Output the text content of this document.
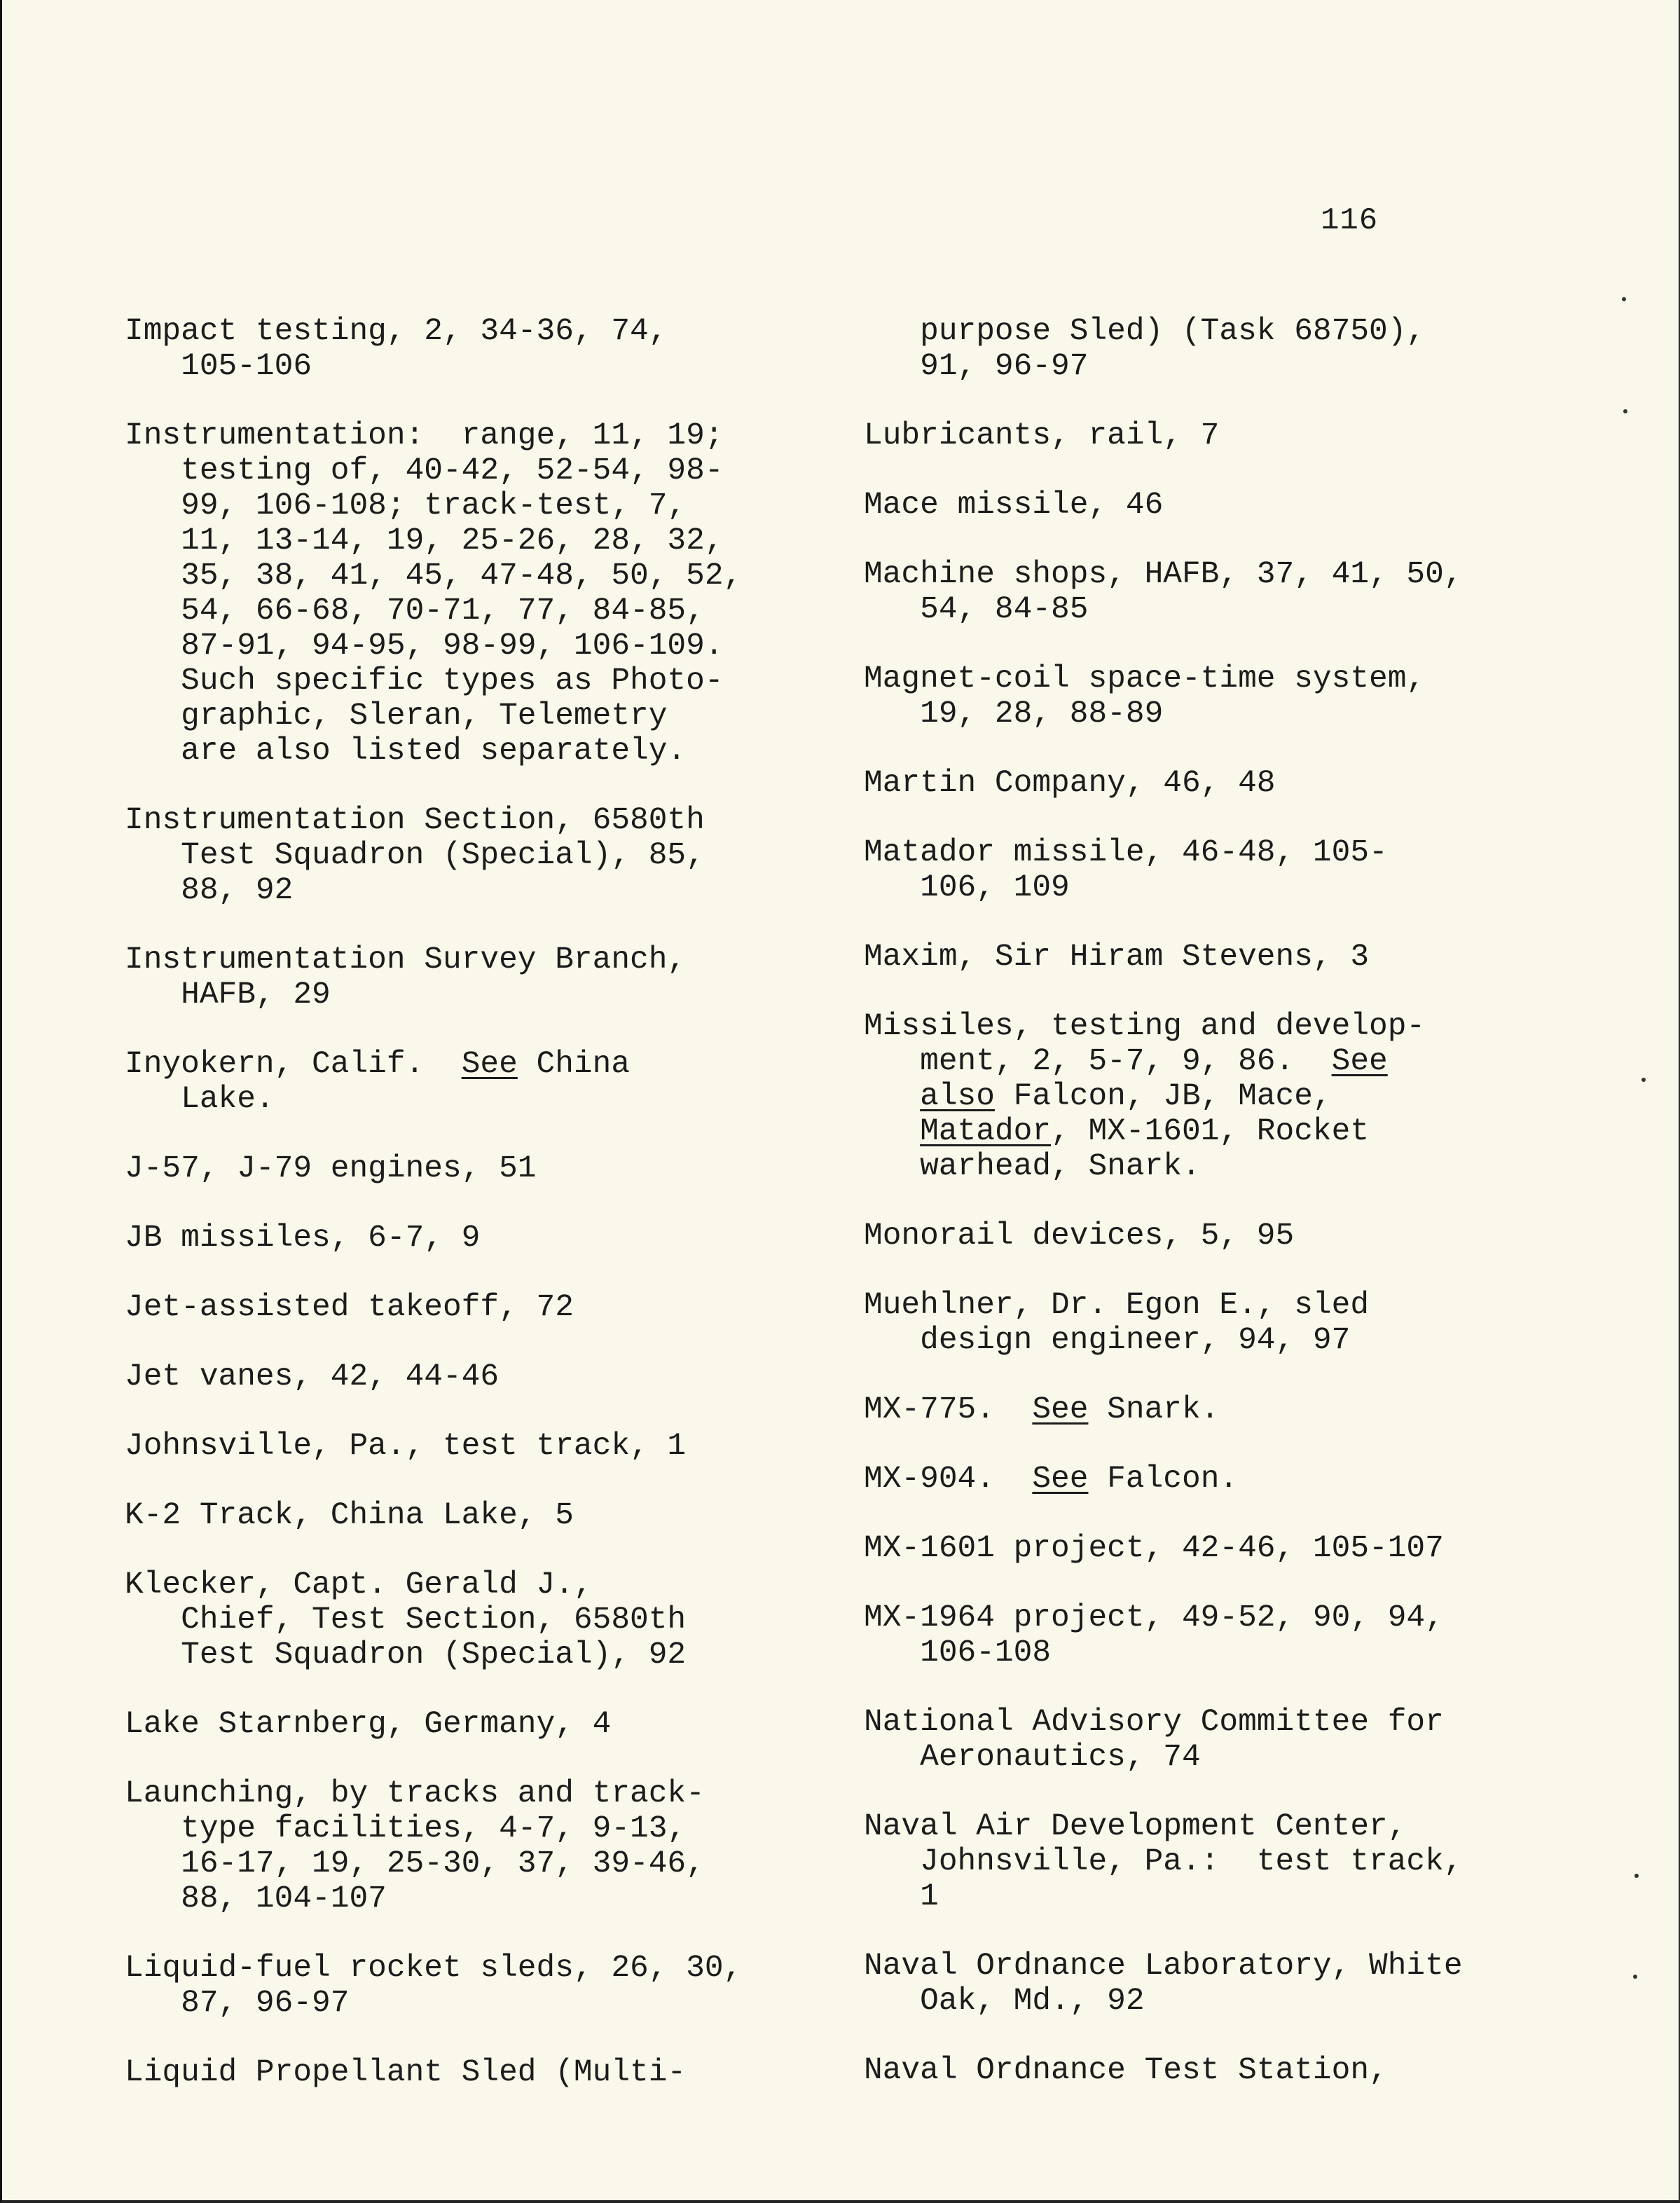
116
Impact testing, 2, 34-36, 74,
105-106
Instrumentation:  range, 11, 19;
testing of, 40-42, 52-54, 98-
99, 106-108; track-test, 7,
11, 13-14, 19, 25-26, 28, 32,
35, 38, 41, 45, 47-48, 50, 52,
54, 66-68, 70-71, 77, 84-85,
87-91, 94-95, 98-99, 106-109.
Such specific types as Photo-
graphic, Sleran, Telemetry
are also listed separately.
Instrumentation Section, 6580th
Test Squadron (Special), 85,
88, 92
Instrumentation Survey Branch,
HAFB, 29
Inyokern, Calif.  See China
Lake.
J-57, J-79 engines, 51
JB missiles, 6-7, 9
Jet-assisted takeoff, 72
Jet vanes, 42, 44-46
Johnsville, Pa., test track, 1
K-2 Track, China Lake, 5
Klecker, Capt. Gerald J.,
Chief, Test Section, 6580th
Test Squadron (Special), 92
Lake Starnberg, Germany, 4
Launching, by tracks and track-
type facilities, 4-7, 9-13,
16-17, 19, 25-30, 37, 39-46,
88, 104-107
Liquid-fuel rocket sleds, 26, 30,
87, 96-97
Liquid Propellant Sled (Multi-
purpose Sled) (Task 68750),
91, 96-97
Lubricants, rail, 7
Mace missile, 46
Machine shops, HAFB, 37, 41, 50,
54, 84-85
Magnet-coil space-time system,
19, 28, 88-89
Martin Company, 46, 48
Matador missile, 46-48, 105-
106, 109
Maxim, Sir Hiram Stevens, 3
Missiles, testing and develop-
ment, 2, 5-7, 9, 86.  See
also Falcon, JB, Mace,
Matador, MX-1601, Rocket
warhead, Snark.
Monorail devices, 5, 95
Muehlner, Dr. Egon E., sled
design engineer, 94, 97
MX-775.  See Snark.
MX-904.  See Falcon.
MX-1601 project, 42-46, 105-107
MX-1964 project, 49-52, 90, 94,
106-108
National Advisory Committee for
Aeronautics, 74
Naval Air Development Center,
Johnsville, Pa.:  test track,
1
Naval Ordnance Laboratory, White
Oak, Md., 92
Naval Ordnance Test Station,
